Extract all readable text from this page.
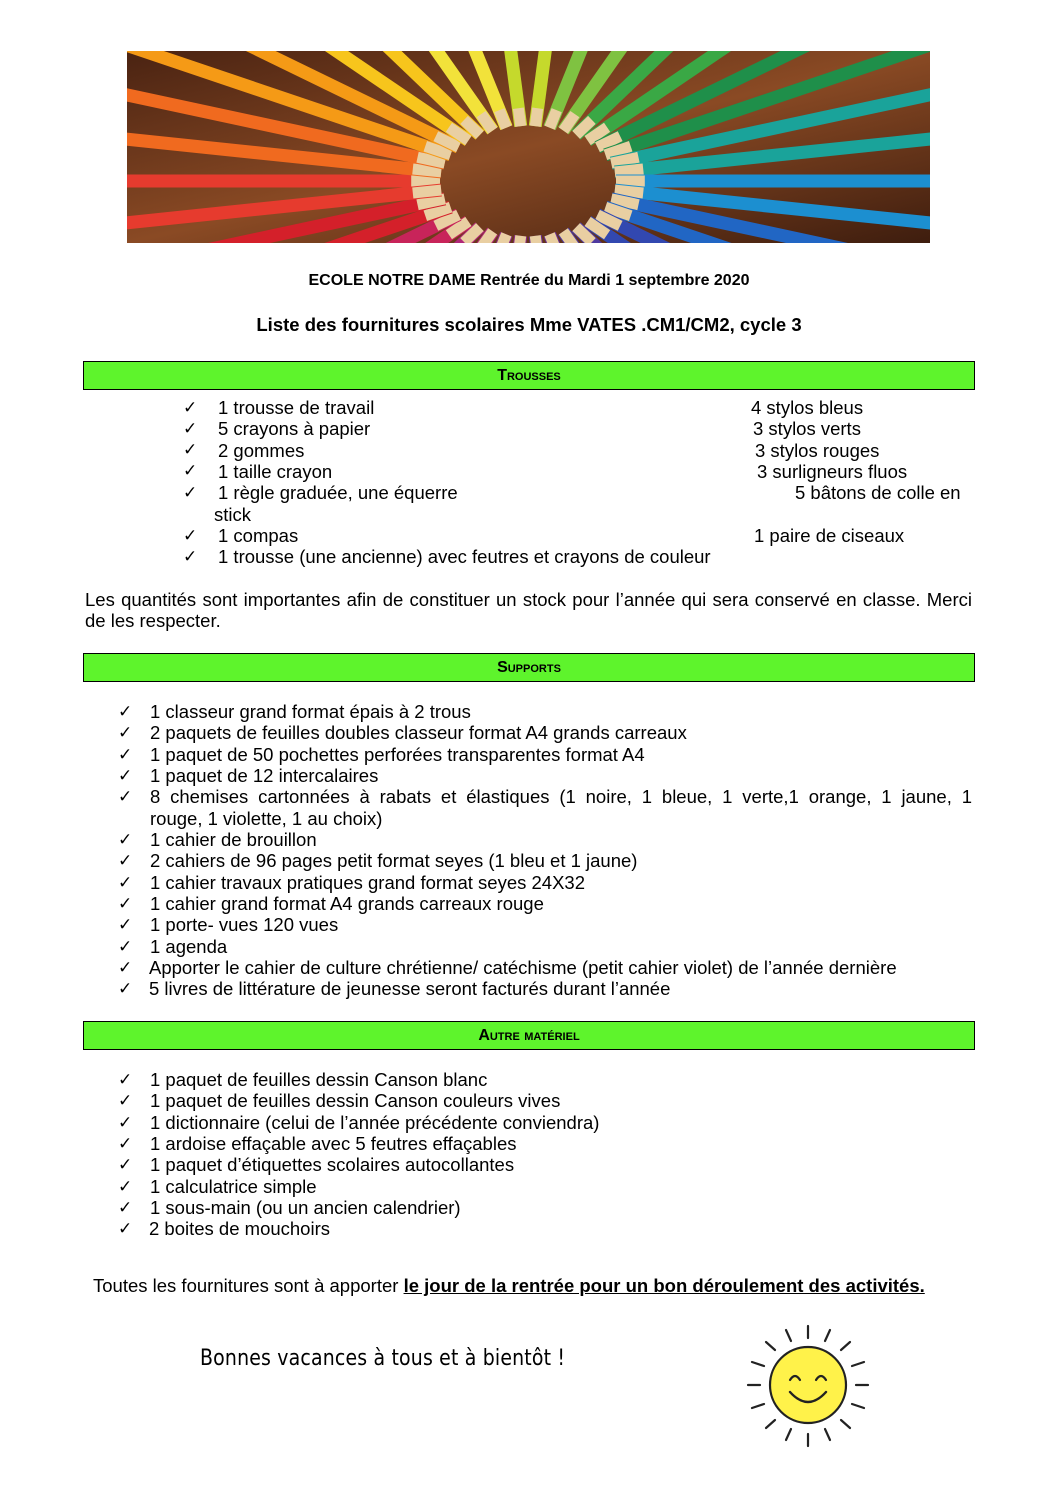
ECOLE NOTRE DAME Rentrée du Mardi 1 septembre 2020
Liste des fournitures scolaires Mme VATES .CM1/CM2, cycle 3
Trousses
✓ 1 trousse de travail	4 stylos bleus
✓ 5 crayons à papier	3 stylos verts
✓ 2 gommes	3 stylos rouges
✓ 1 taille crayon	3 surligneurs fluos
✓ 1 règle graduée, une équerre	5 bâtons de colle en
stick
✓ 1 compas	1 paire de ciseaux
✓ 1 trousse (une ancienne) avec feutres et crayons de couleur
Les quantités sont importantes afin de constituer un stock pour l’année qui sera conservé en classe. Merci de les respecter.
Supports
✓ 1 classeur grand format épais à 2 trous
✓ 2 paquets de feuilles doubles classeur format A4 grands carreaux
✓ 1 paquet de 50 pochettes perforées transparentes format A4
✓ 1 paquet de 12 intercalaires
✓ 8 chemises cartonnées à rabats et élastiques (1 noire, 1 bleue, 1 verte,1 orange, 1 jaune, 1
rouge, 1 violette, 1 au choix)
✓ 1 cahier de brouillon
✓ 2 cahiers de 96 pages petit format seyes (1 bleu et 1 jaune)
✓ 1 cahier travaux pratiques grand format seyes 24X32
✓ 1 cahier grand format A4 grands carreaux rouge
✓ 1 porte- vues 120 vues
✓ 1 agenda
✓ Apporter le cahier de culture chrétienne/ catéchisme (petit cahier violet) de l’année dernière
✓ 5 livres de littérature de jeunesse seront facturés durant l’année
Autre matériel
✓ 1 paquet de feuilles dessin Canson blanc
✓ 1 paquet de feuilles dessin Canson couleurs vives
✓ 1 dictionnaire (celui de l’année précédente conviendra)
✓ 1 ardoise effaçable avec 5 feutres effaçables
✓ 1 paquet d’étiquettes scolaires autocollantes
✓ 1 calculatrice simple
✓ 1 sous-main (ou un ancien calendrier)
✓ 2 boites de mouchoirs
Toutes les fournitures sont à apporter le jour de la rentrée pour un bon déroulement des activités.
Bonnes vacances à tous et à bientôt !
